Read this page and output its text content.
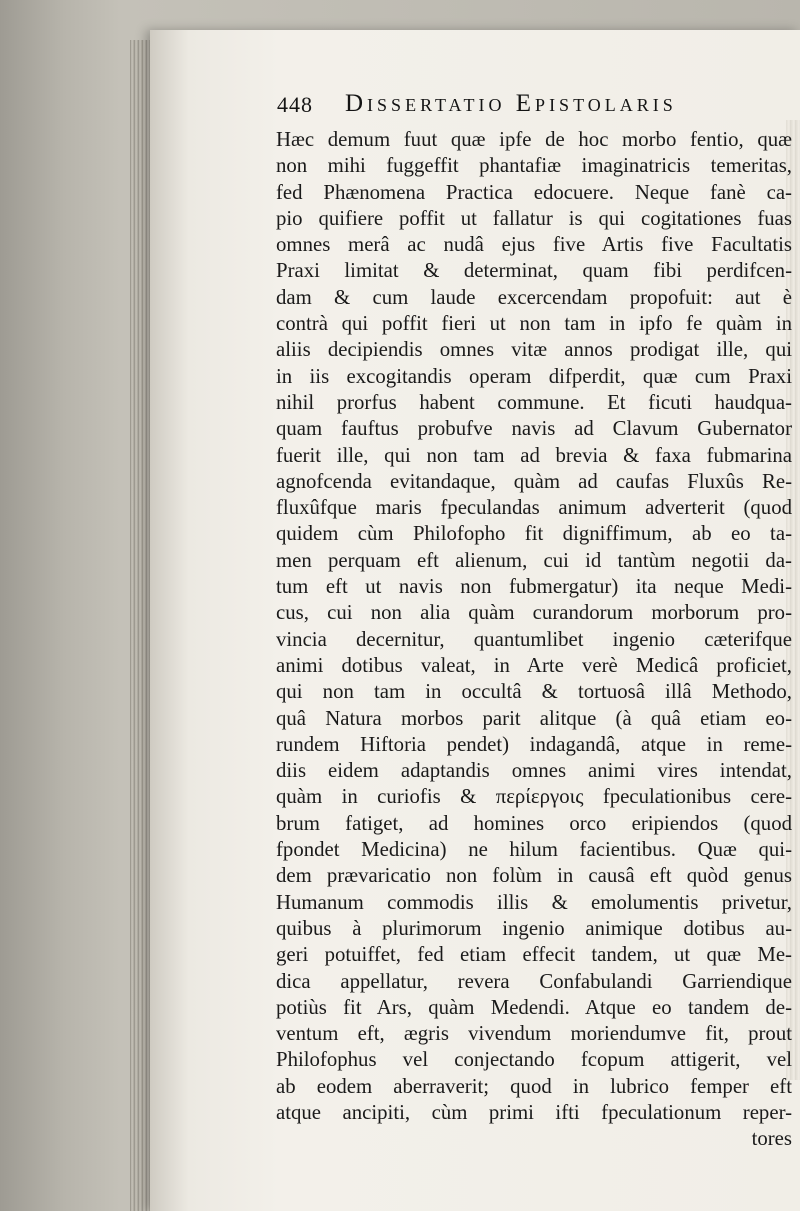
448 Dissertatio Epistolaris
Hæc demum fuut quæ ipfe de hoc morbo fentio, quæ
non mihi fuggeffit phantafiæ imaginatricis temeritas,
fed Phænomena Practica edocuere. Neque fanè ca-
pio quifiere poffit ut fallatur is qui cogitationes fuas
omnes merâ ac nudâ ejus five Artis five Facultatis
Praxi limitat & determinat, quam fibi perdifcen-
dam & cum laude excercendam propofuit: aut è
contrà qui poffit fieri ut non tam in ipfo fe quàm in
aliis decipiendis omnes vitæ annos prodigat ille, qui
in iis excogitandis operam difperdit, quæ cum Praxi
nihil prorfus habent commune. Et ficuti haudqua-
quam fauftus probufve navis ad Clavum Gubernator
fuerit ille, qui non tam ad brevia & faxa fubmarina
agnofcenda evitandaque, quàm ad caufas Fluxûs Re-
fluxûfque maris fpeculandas animum adverterit (quod
quidem cùm Philofopho fit digniffimum, ab eo ta-
men perquam eft alienum, cui id tantùm negotii da-
tum eft ut navis non fubmergatur) ita neque Medi-
cus, cui non alia quàm curandorum morborum pro-
vincia decernitur, quantumlibet ingenio cæterifque
animi dotibus valeat, in Arte verè Medicâ proficiet,
qui non tam in occultâ & tortuosâ illâ Methodo,
quâ Natura morbos parit alitque (à quâ etiam eo-
rundem Hiftoria pendet) indagandâ, atque in reme-
diis eidem adaptandis omnes animi vires intendat,
quàm in curiofis & περίεργοις fpeculationibus cere-
brum fatiget, ad homines orco eripiendos (quod
fpondet Medicina) ne hilum facientibus. Quæ qui-
dem prævaricatio non folùm in causâ eft quòd genus
Humanum commodis illis & emolumentis privetur,
quibus à plurimorum ingenio animique dotibus au-
geri potuiffet, fed etiam effecit tandem, ut quæ Me-
dica appellatur, revera Confabulandi Garriendique
potiùs fit Ars, quàm Medendi. Atque eo tandem de-
ventum eft, ægris vivendum moriendumve fit, prout
Philofophus vel conjectando fcopum attigerit, vel
ab eodem aberraverit; quod in lubrico femper eft
atque ancipiti, cùm primi ifti fpeculationum reper-
tores
